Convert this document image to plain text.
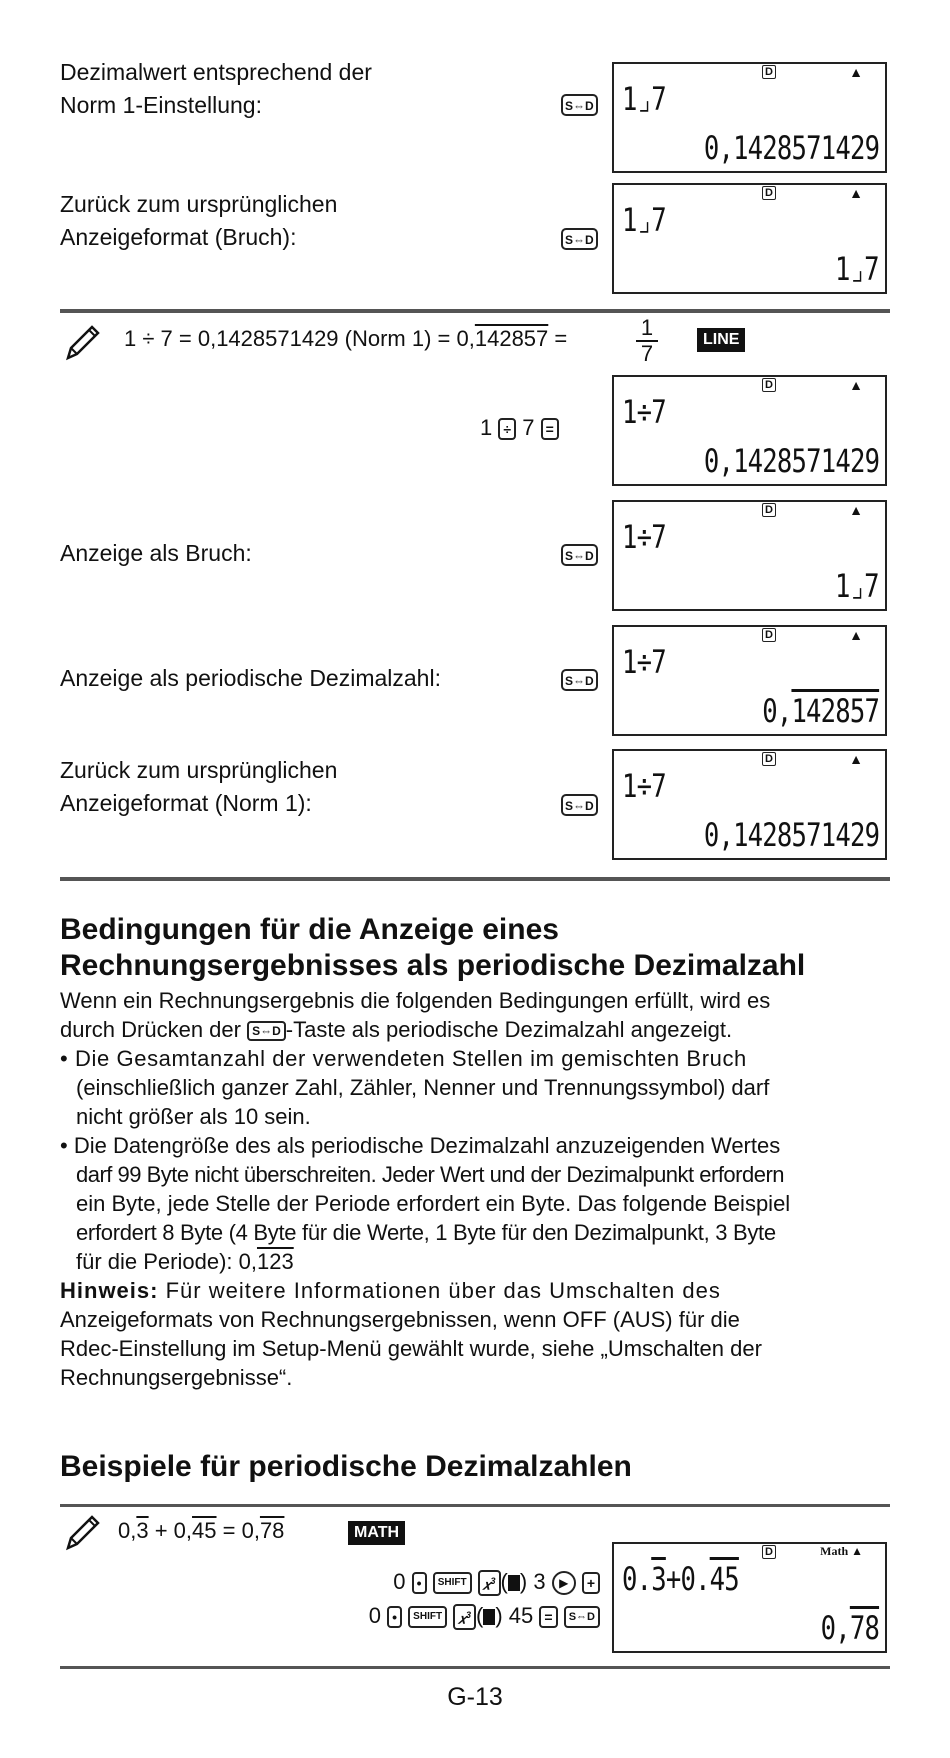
Dezimalwert entsprechend der
Norm 1-Einstellung:	S⇔D
D	▲
1⌟7
0,1428571429
Zurück zum ursprünglichen
Anzeigeformat (Bruch):	S⇔D
D	▲
1⌟7
1⌟7
1 ÷ 7 = 0,1428571429 (Norm 1) = 0,142857 =	$\frac{1}{7}$	LINE
1 ÷ 7 =
D	▲
1÷7
0,1428571429
Anzeige als Bruch:	S⇔D
D	▲
1÷7
1⌟7
Anzeige als periodische Dezimalzahl:	S⇔D
D	▲
1÷7
0,142857
Zurück zum ursprünglichen
Anzeigeformat (Norm 1):	S⇔D
D	▲
1÷7
0,1428571429
Bedingungen für die Anzeige eines
Rechnungsergebnisses als periodische Dezimalzahl
Wenn ein Rechnungsergebnis die folgenden Bedingungen erfüllt, wird es
durch Drücken der S⇔D -Taste als periodische Dezimalzahl angezeigt.
• Die Gesamtanzahl der verwendeten Stellen im gemischten Bruch
(einschließlich ganzer Zahl, Zähler, Nenner und Trennungssymbol) darf
nicht größer als 10 sein.
• Die Datengröße des als periodische Dezimalzahl anzuzeigenden Wertes
darf 99 Byte nicht überschreiten. Jeder Wert und der Dezimalpunkt erfordern
ein Byte, jede Stelle der Periode erfordert ein Byte. Das folgende Beispiel
erfordert 8 Byte (4 Byte für die Werte, 1 Byte für den Dezimalpunkt, 3 Byte
für die Periode): 0,123
Hinweis: Für weitere Informationen über das Umschalten des
Anzeigeformats von Rechnungsergebnissen, wenn OFF (AUS) für die
Rdec-Einstellung im Setup-Menü gewählt wurde, siehe „Umschalten der
Rechnungsergebnisse“.
Beispiele für periodische Dezimalzahlen
0,3 + 0,45 = 0,78	MATH
0 • SHIFT 𝑥$^3$ ( ) 3 ▶ +
0 • SHIFT 𝑥$^3$ ( ) 45 = S⇔D
D	Math ▲
0.3+0.45
0,78
G-13
